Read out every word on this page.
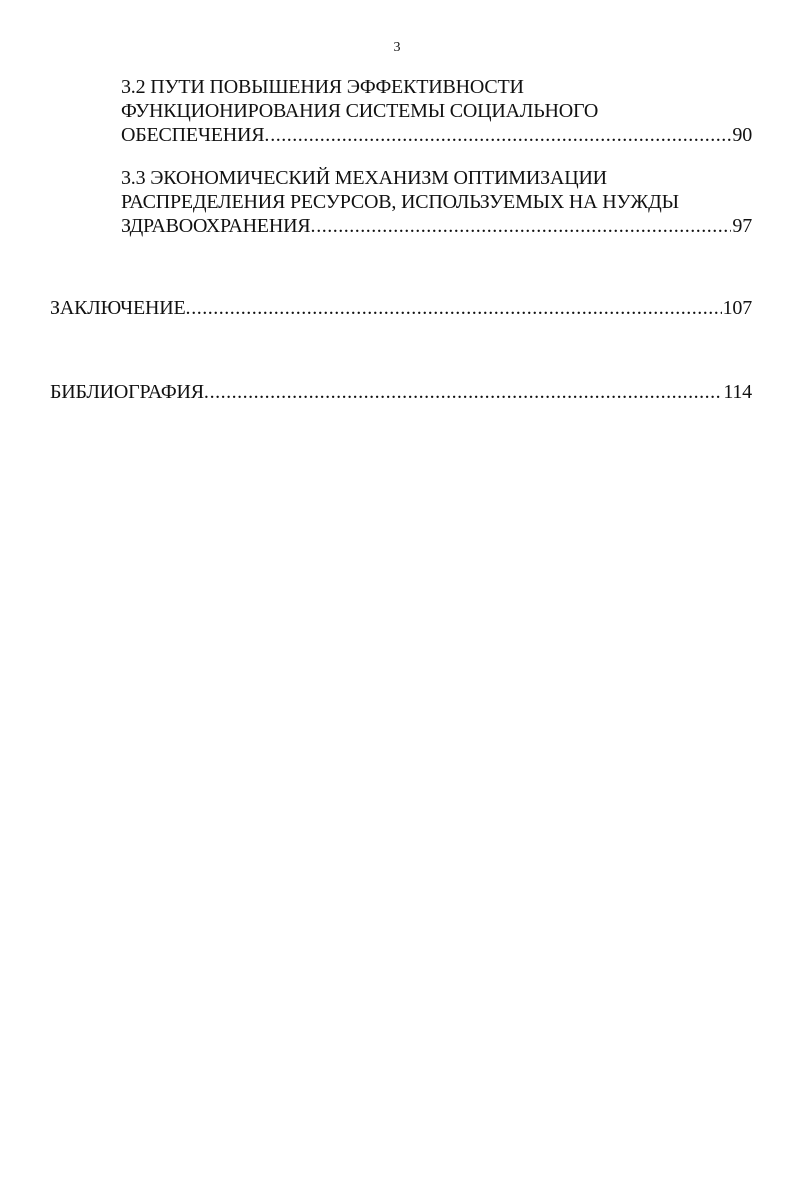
3
3.2 ПУТИ ПОВЫШЕНИЯ ЭФФЕКТИВНОСТИ
ФУНКЦИОНИРОВАНИЯ СИСТЕМЫ СОЦИАЛЬНОГО
ОБЕСПЕЧЕНИЯ. .....	90
3.3 ЭКОНОМИЧЕСКИЙ МЕХАНИЗМ ОПТИМИЗАЦИИ
РАСПРЕДЕЛЕНИЯ РЕСУРСОВ, ИСПОЛЬЗУЕМЫХ НА НУЖДЫ
ЗДРАВООХРАНЕНИЯ. .....	97
ЗАКЛЮЧЕНИЕ. .....	107
БИБЛИОГРАФИЯ. .....	114
